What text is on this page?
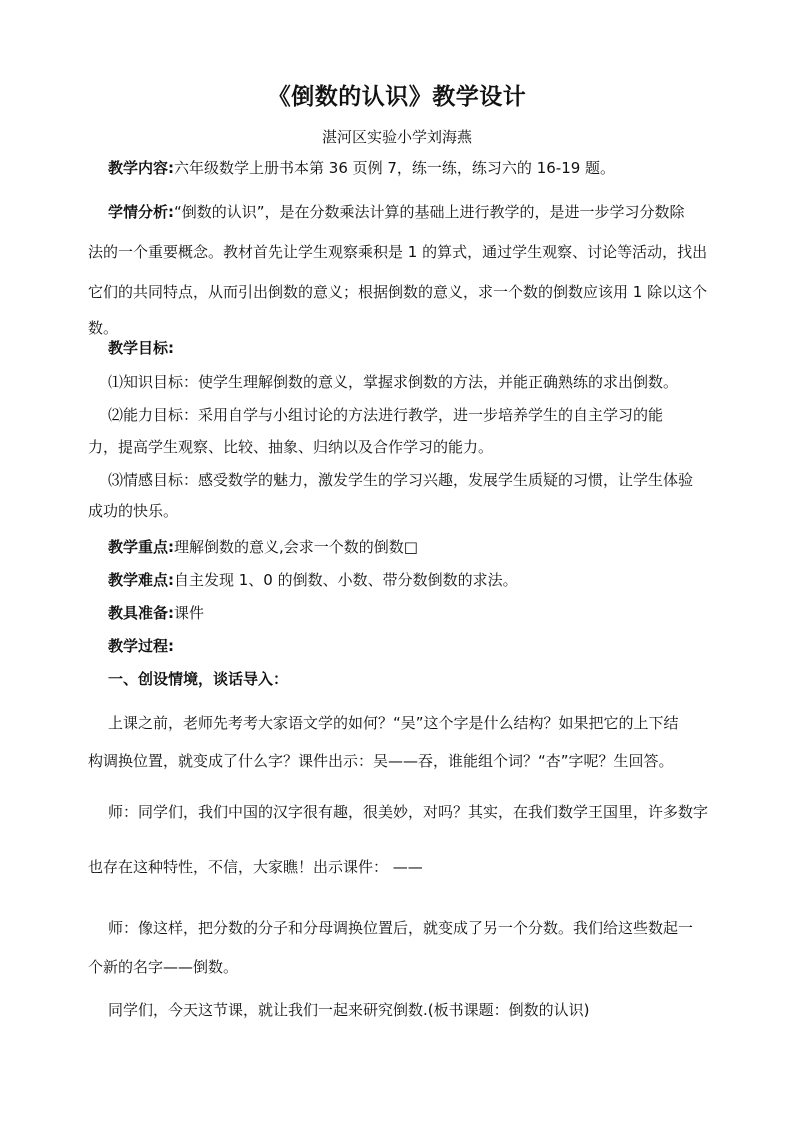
《倒数的认识》教学设计
湛河区实验小学刘海燕
教学内容:六年级数学上册书本第 36 页例 7，练一练，练习六的 16-19 题。
学情分析:“倒数的认识”，是在分数乘法计算的基础上进行教学的，是进一步学习分数除
法的一个重要概念。教材首先让学生观察乘积是 1 的算式，通过学生观察、讨论等活动，找出
它们的共同特点，从而引出倒数的意义；根据倒数的意义，求一个数的倒数应该用 1 除以这个
数。
教学目标:
⑴知识目标：使学生理解倒数的意义，掌握求倒数的方法，并能正确熟练的求出倒数。
⑵能力目标：采用自学与小组讨论的方法进行教学，进一步培养学生的自主学习的能
力，提高学生观察、比较、抽象、归纳以及合作学习的能力。
⑶情感目标：感受数学的魅力，激发学生的学习兴趣，发展学生质疑的习惯，让学生体验
成功的快乐。
教学重点:理解倒数的意义,会求一个数的倒数□
教学难点:自主发现 1、0 的倒数、小数、带分数倒数的求法。
教具准备:课件
教学过程:
一、创设情境，谈话导入：
上课之前，老师先考考大家语文学的如何？“吴”这个字是什么结构？如果把它的上下结
构调换位置，就变成了什么字？课件出示：吴——吞，谁能组个词？“杏”字呢？生回答。
师：同学们，我们中国的汉字很有趣，很美妙，对吗？其实，在我们数学王国里，许多数字
也存在这种特性，不信，大家瞧！出示课件： ——
师：像这样，把分数的分子和分母调换位置后，就变成了另一个分数。我们给这些数起一
个新的名字——倒数。
同学们，今天这节课，就让我们一起来研究倒数.(板书课题：倒数的认识)
